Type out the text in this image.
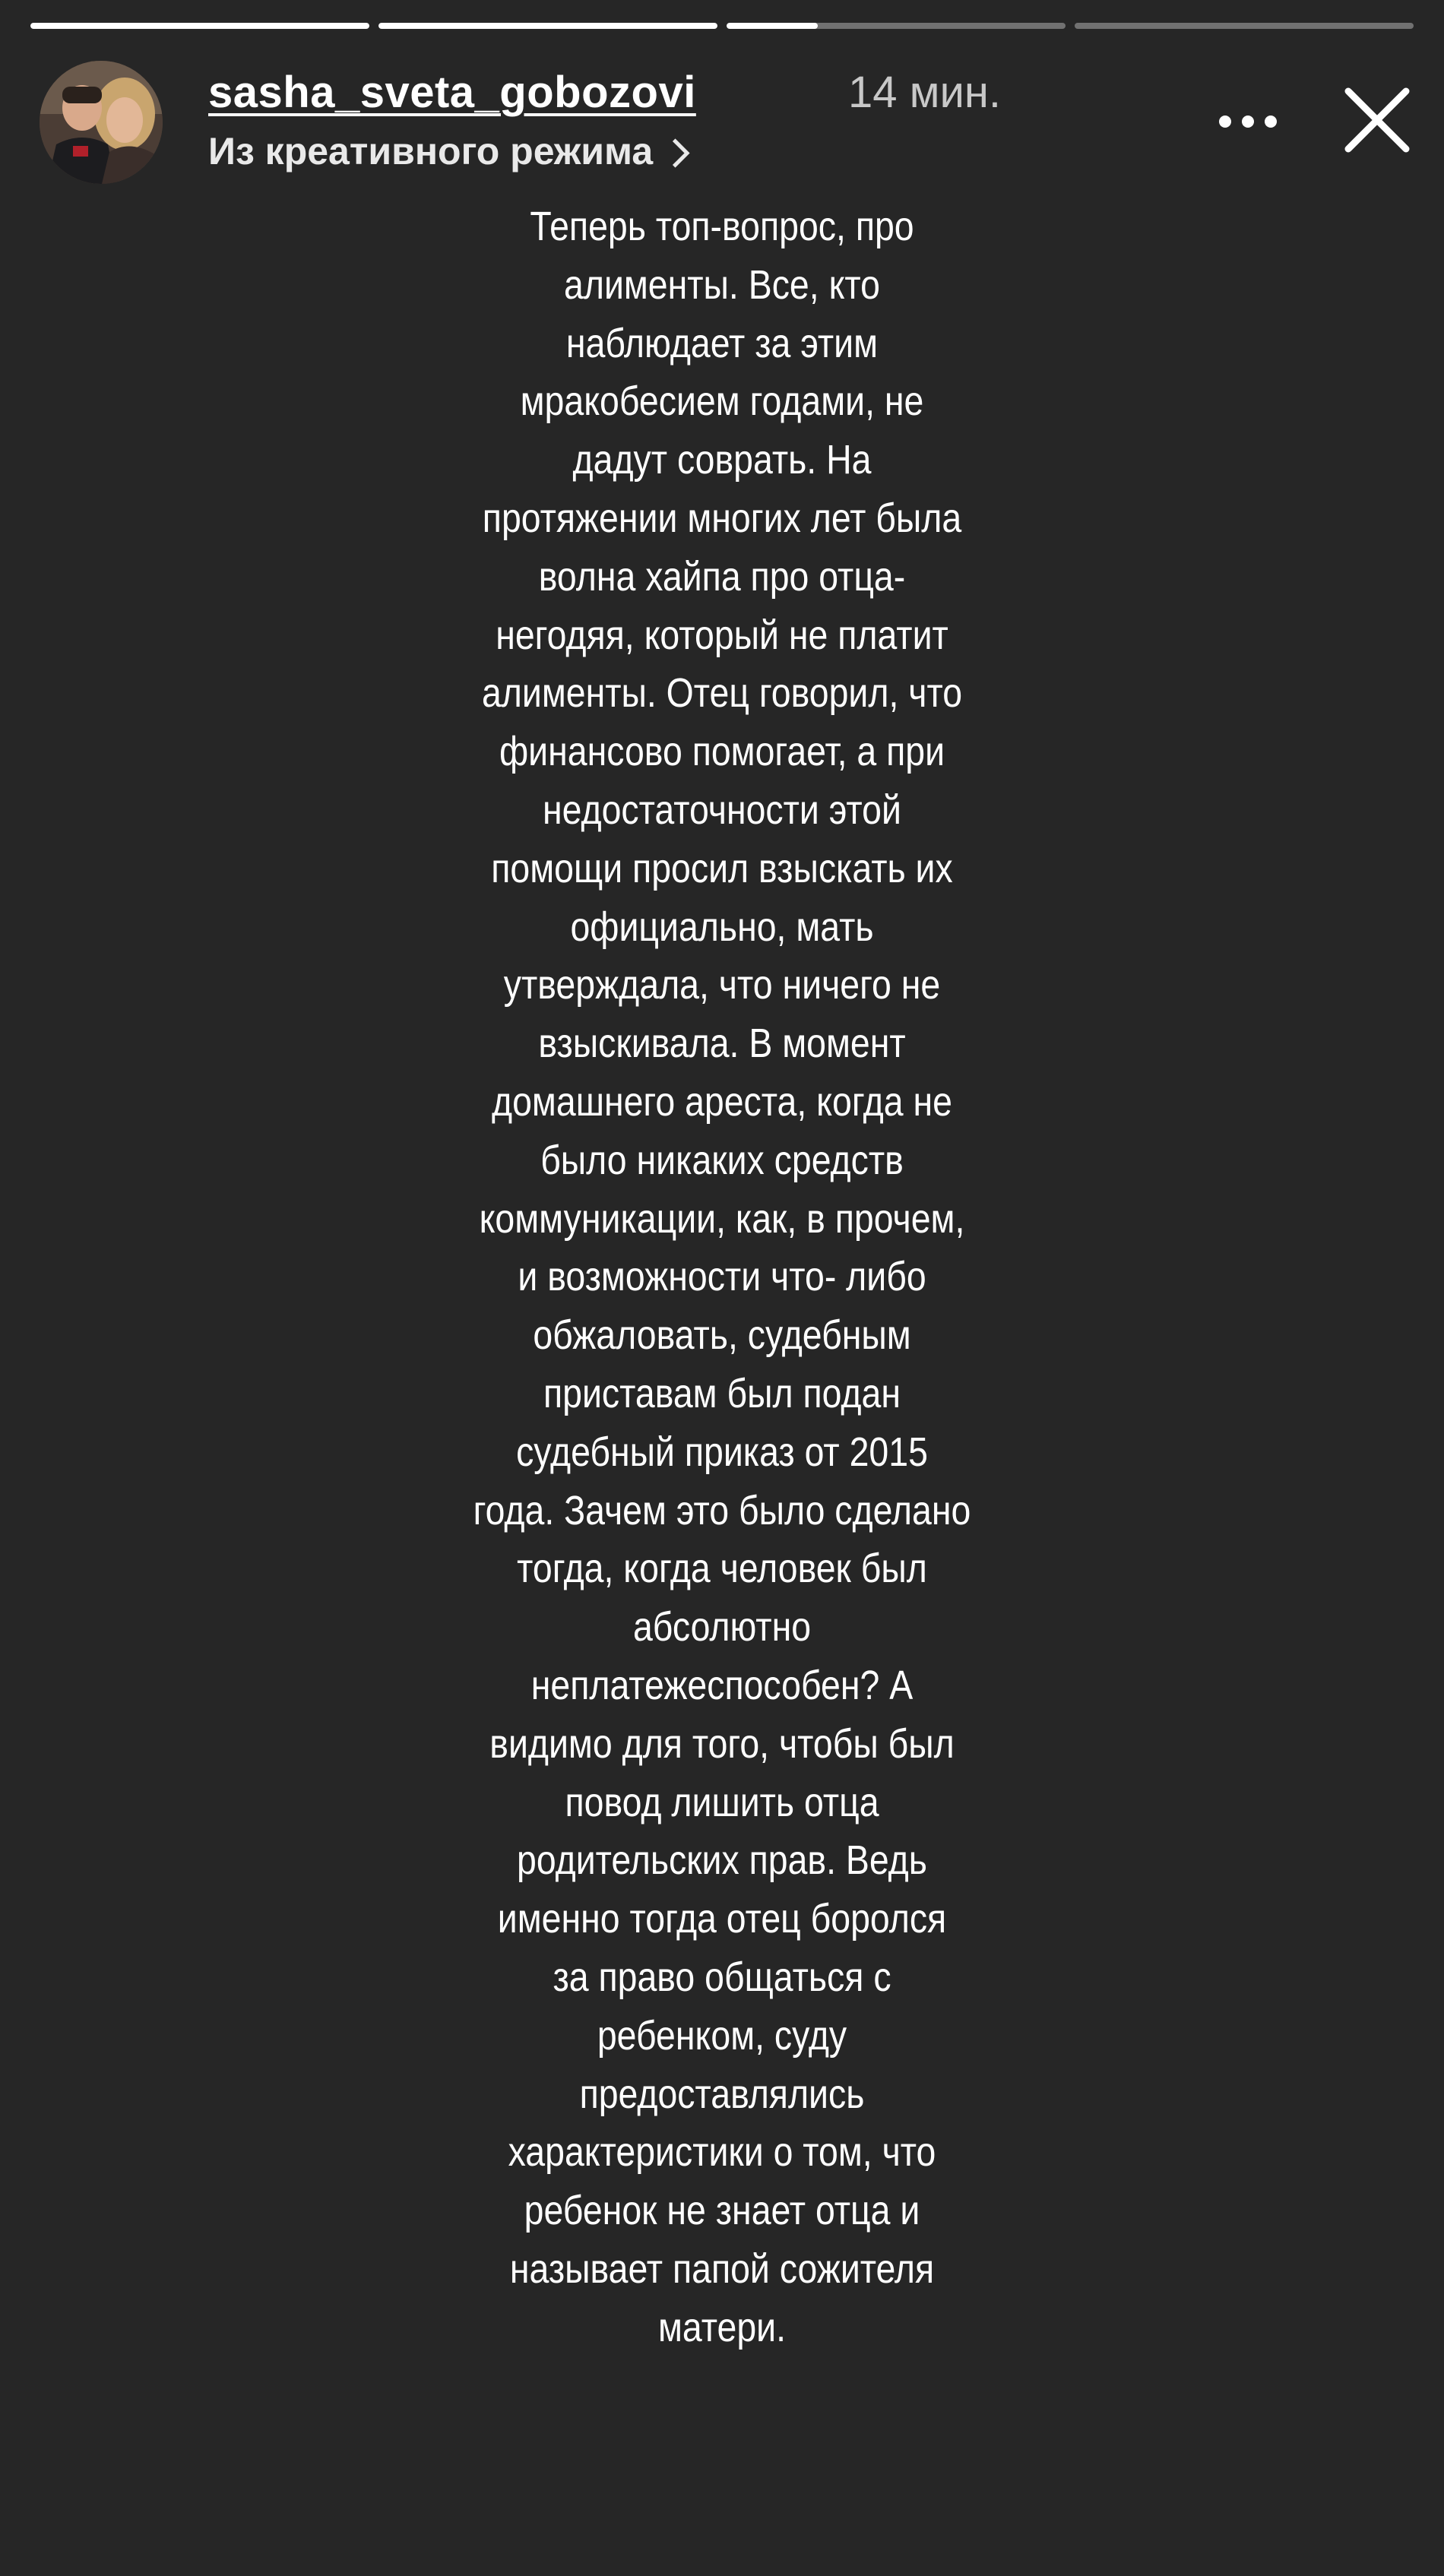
sasha_sveta_gobozovi	14 мин.
Из креативного режима
Теперь топ-вопрос, про
алименты. Все, кто
наблюдает за этим
мракобесием годами, не
дадут соврать. На
протяжении многих лет была
волна хайпа про отца-
негодяя, который не платит
алименты. Отец говорил, что
финансово помогает, а при
недостаточности этой
помощи просил взыскать их
официально, мать
утверждала, что ничего не
взыскивала. В момент
домашнего ареста, когда не
было никаких средств
коммуникации, как, в прочем,
и возможности что- либо
обжаловать, судебным
приставам был подан
судебный приказ от 2015
года. Зачем это было сделано
тогда, когда человек был
абсолютно
неплатежеспособен? А
видимо для того, чтобы был
повод лишить отца
родительских прав. Ведь
именно тогда отец боролся
за право общаться с
ребенком, суду
предоставлялись
характеристики о том, что
ребенок не знает отца и
называет папой сожителя
матери.
